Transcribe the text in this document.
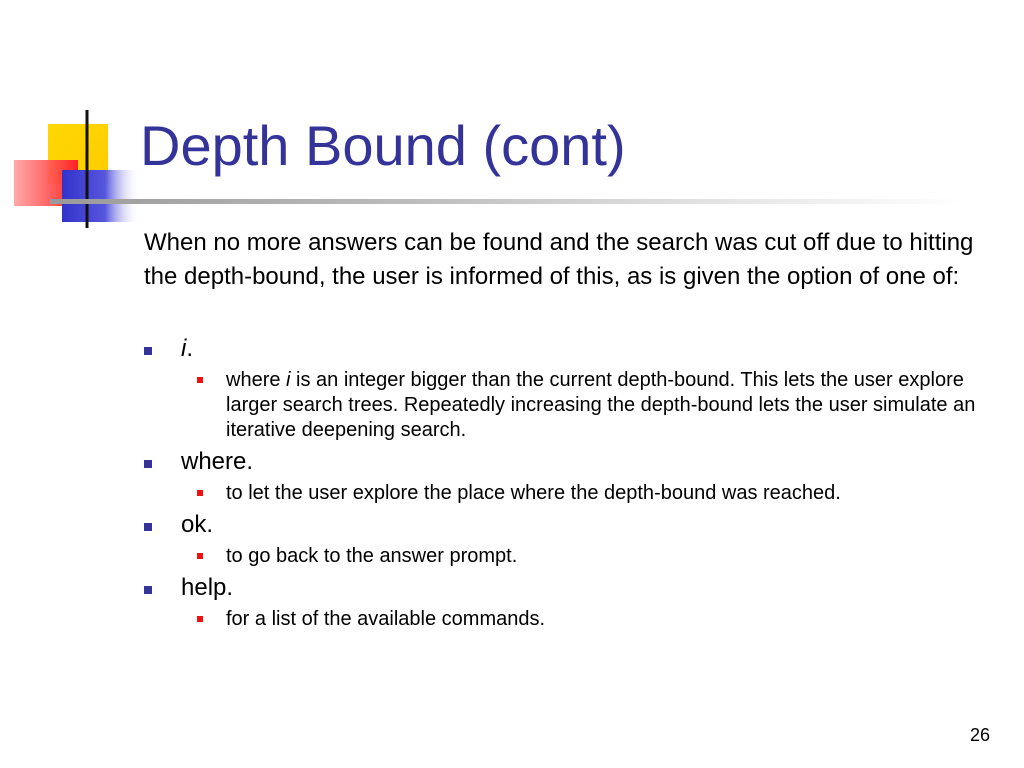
Depth Bound (cont)

When no more answers can be found and the search was cut off due to hitting the depth-bound, the user is informed of this, as is given the option of one of:

i.
where i is an integer bigger than the current depth-bound. This lets the user explore larger search trees. Repeatedly increasing the depth-bound lets the user simulate an iterative deepening search.
where.
to let the user explore the place where the depth-bound was reached.
ok.
to go back to the answer prompt.
help.
for a list of the available commands.
26
